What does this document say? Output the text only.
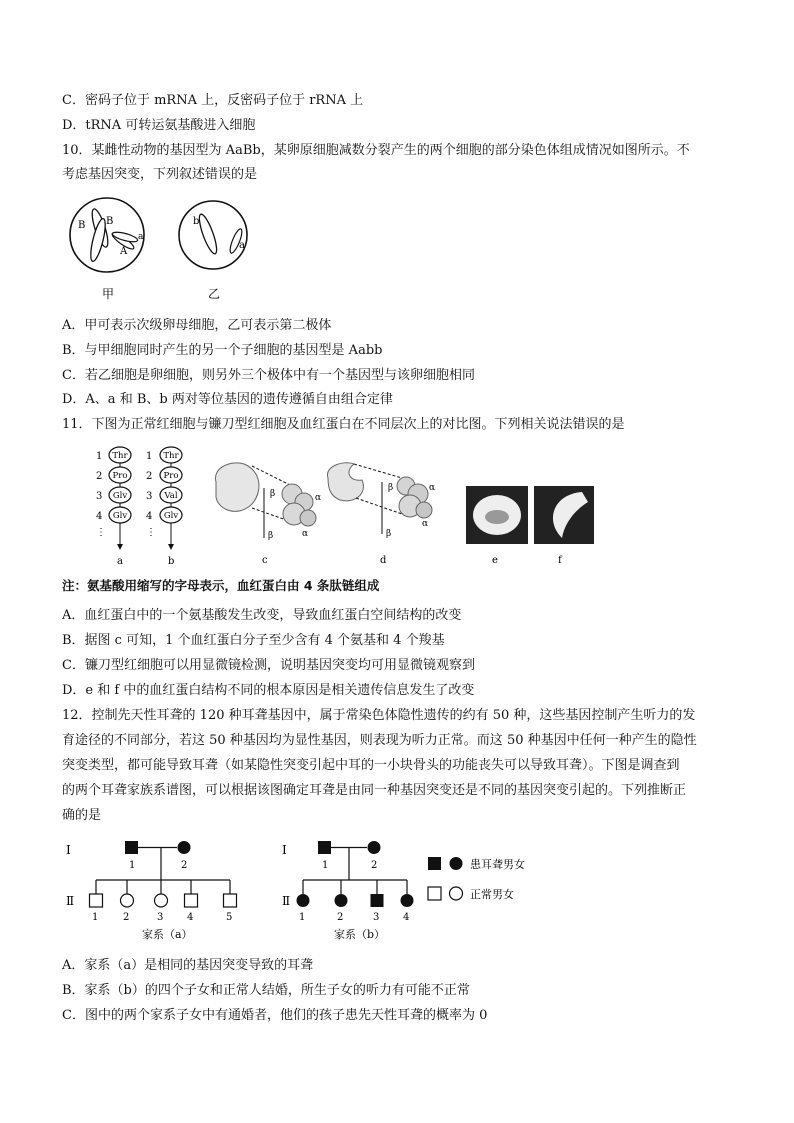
C．密码子位于 mRNA 上，反密码子位于 rRNA 上
D．tRNA 可转运氨基酸进入细胞
10．某雌性动物的基因型为 AaBb，某卵原细胞减数分裂产生的两个细胞的部分染色体组成情况如图所示。不
考虑基因突变，下列叙述错误的是
B B
A
a
甲
b
a
乙
A．甲可表示次级卵母细胞，乙可表示第二极体
B．与甲细胞同时产生的另一个子细胞的基因型是 Aabb
C．若乙细胞是卵细胞，则另外三个极体中有一个基因型与该卵细胞相同
D．A、a 和 B、b 两对等位基因的遗传遵循自由组合定律
11．下图为正常红细胞与镰刀型红细胞及血红蛋白在不同层次上的对比图。下列相关说法错误的是
1
2
3
4
Thr
Pro
Glv
Glv
⋮
a
1
2
3
4
Thr
Pro
Val
Glv
⋮
b
β	α
β	α
c
β	α
β
α
d	e	f
注：氨基酸用缩写的字母表示，血红蛋白由 4 条肽链组成
A．血红蛋白中的一个氨基酸发生改变，导致血红蛋白空间结构的改变
B．据图 c 可知，1 个血红蛋白分子至少含有 4 个氨基和 4 个羧基
C．镰刀型红细胞可以用显微镜检测，说明基因突变均可用显微镜观察到
D．e 和 f 中的血红蛋白结构不同的根本原因是相关遗传信息发生了改变
12．控制先天性耳聋的 120 种耳聋基因中，属于常染色体隐性遗传的约有 50 种，这些基因控制产生听力的发
育途径的不同部分，若这 50 种基因均为显性基因，则表现为听力正常。而这 50 种基因中任何一种产生的隐性
突变类型，都可能导致耳聋（如某隐性突变引起中耳的一小块骨头的功能丧失可以导致耳聋）。下图是调查到
的两个耳聋家族系谱图，可以根据该图确定耳聋是由同一种基因突变还是不同的基因突变引起的。下列推断正
确的是
I
Ⅱ
1	2
1 2	3 4	5
家系（a）
I
Ⅱ
1	2
1	2	3 4
家系（b）
患耳聋男女
正常男女
A．家系（a）是相同的基因突变导致的耳聋
B．家系（b）的四个子女和正常人结婚，所生子女的听力有可能不正常
C．图中的两个家系子女中有通婚者，他们的孩子患先天性耳聋的概率为 0
